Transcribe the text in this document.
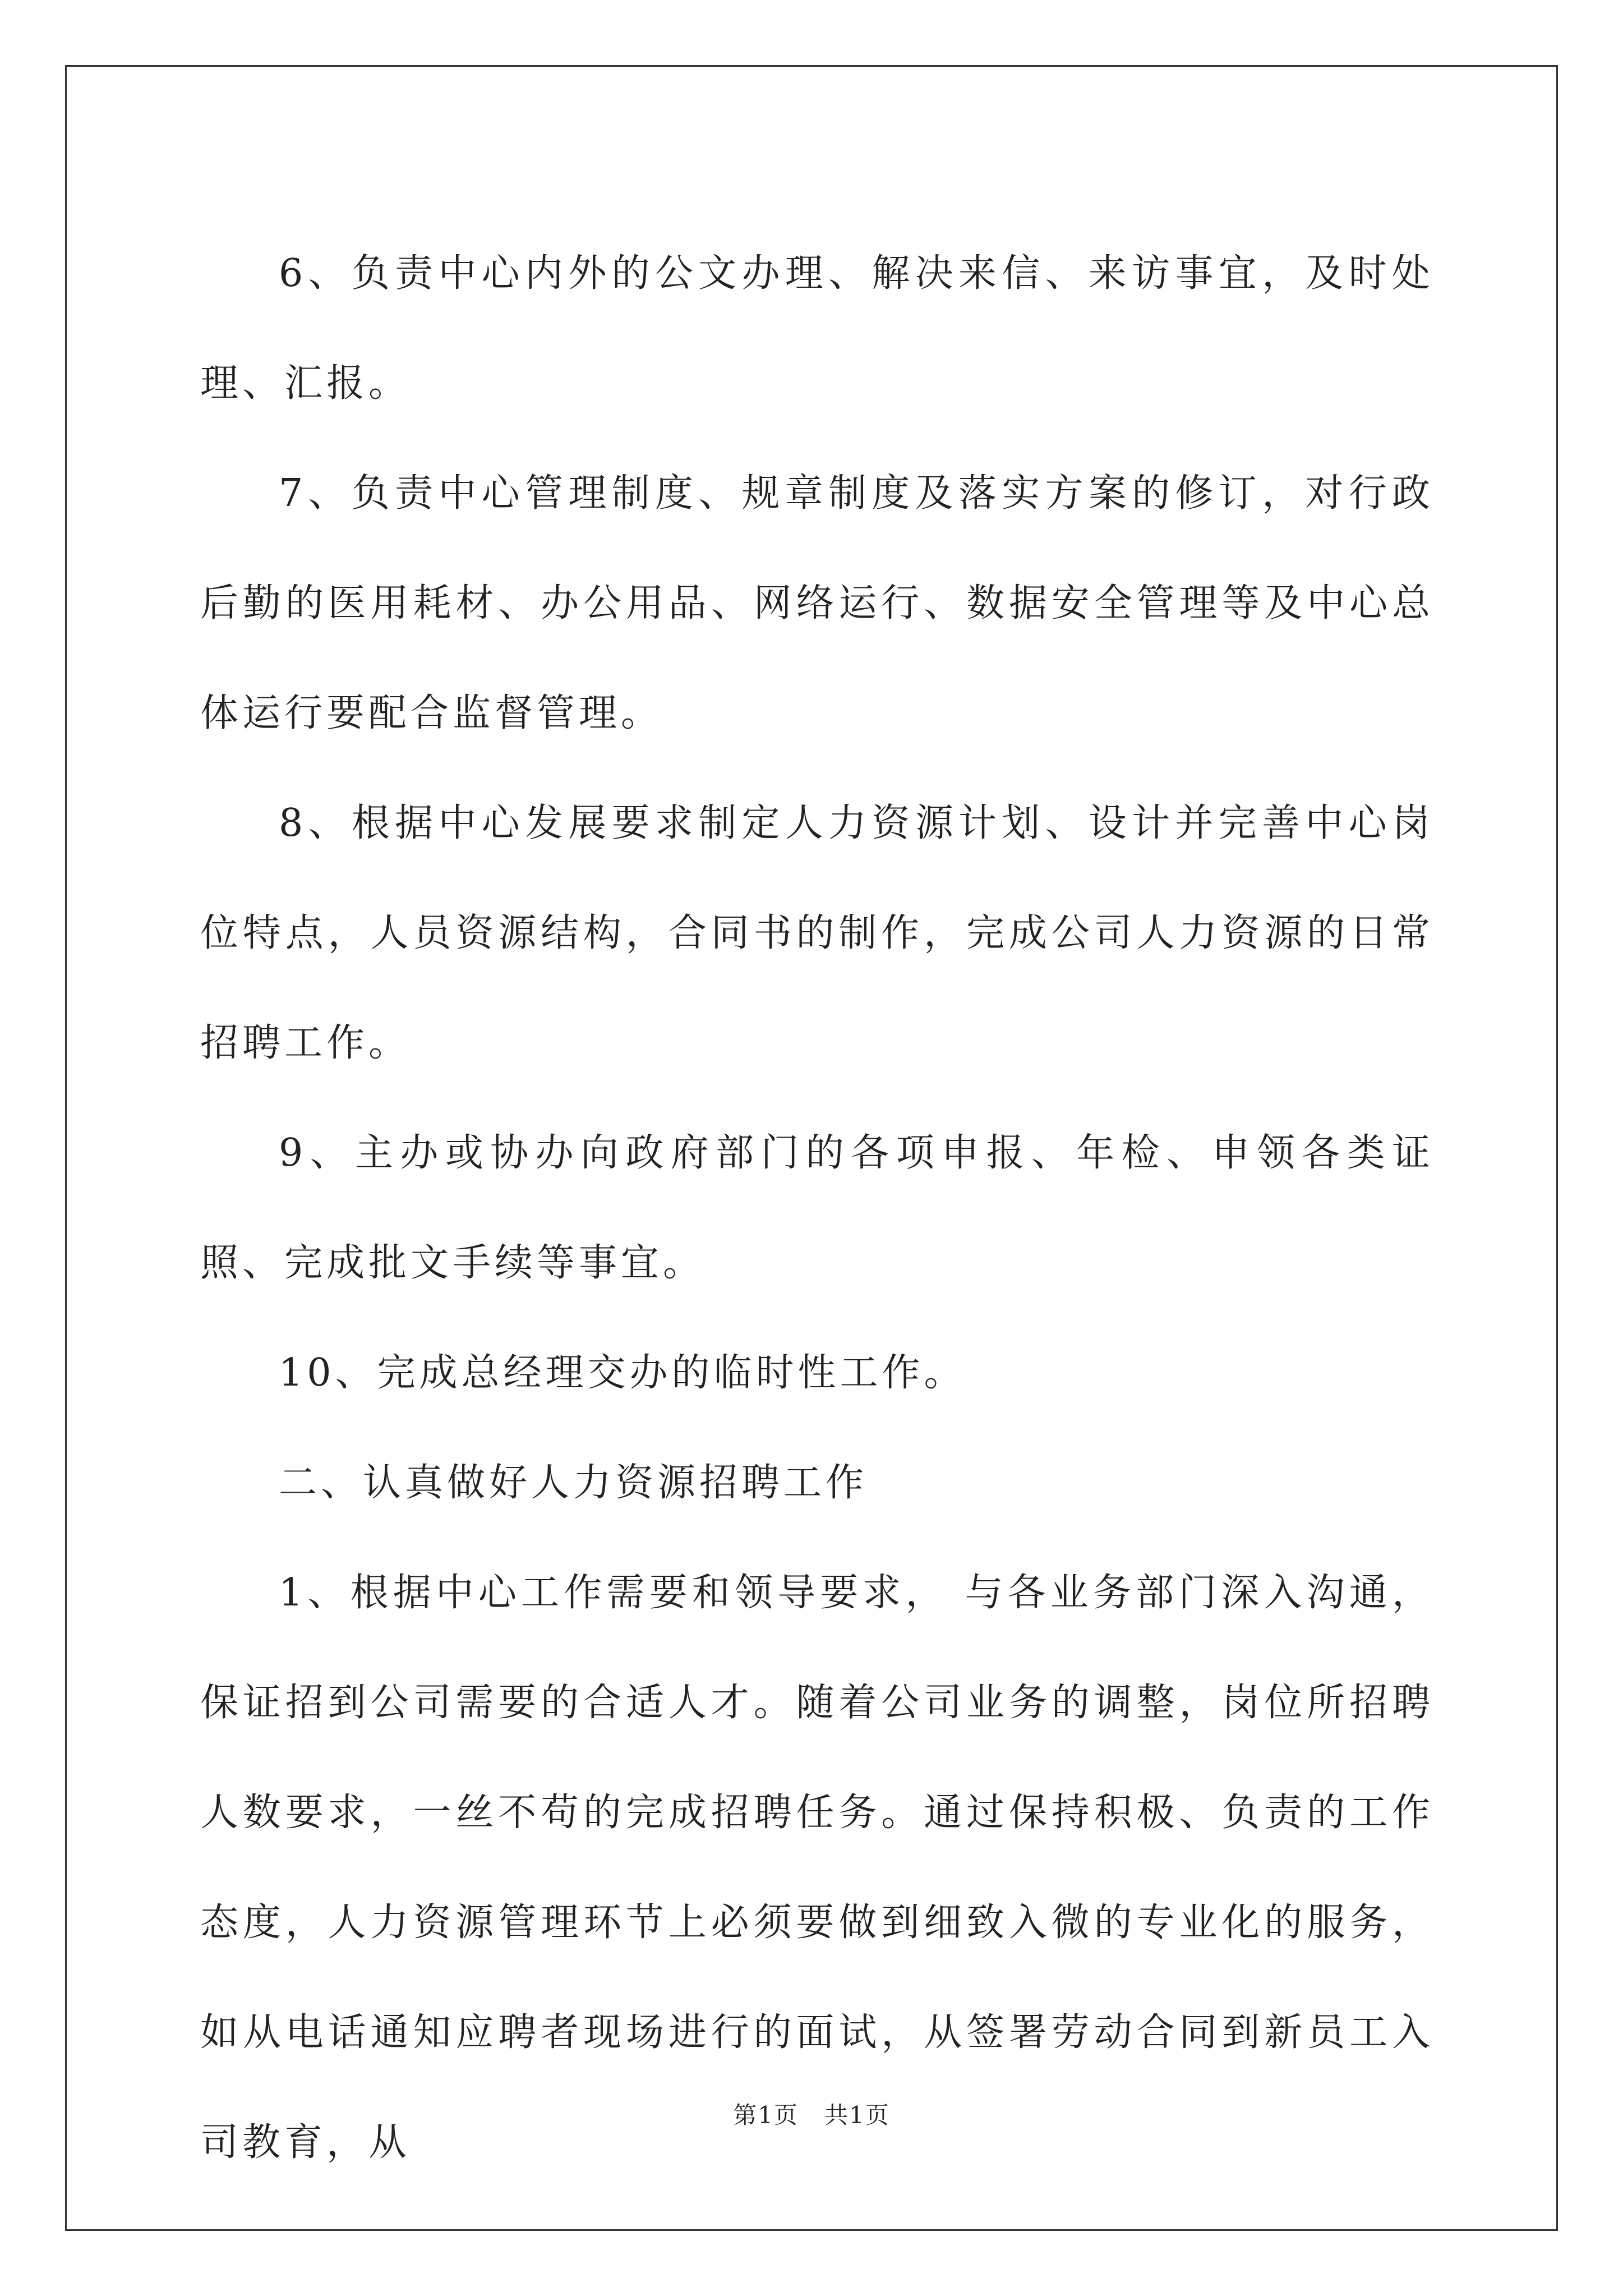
6、负责中心内外的公文办理、解决来信、来访事宜，及时处理、汇报。

7、负责中心管理制度、规章制度及落实方案的修订，对行政后勤的医用耗材、办公用品、网络运行、数据安全管理等及中心总体运行要配合监督管理。

8、根据中心发展要求制定人力资源计划、设计并完善中心岗位特点，人员资源结构，合同书的制作，完成公司人力资源的日常招聘工作。

9、主办或协办向政府部门的各项申报、年检、申领各类证照、完成批文手续等事宜。

10、完成总经理交办的临时性工作。

二、认真做好人力资源招聘工作

1、根据中心工作需要和领导要求， 与各业务部门深入沟通，保证招到公司需要的合适人才。随着公司业务的调整，岗位所招聘人数要求，一丝不苟的完成招聘任务。通过保持积极、负责的工作态度，人力资源管理环节上必须要做到细致入微的专业化的服务，如从电话通知应聘者现场进行的面试，从签署劳动合同到新员工入司教育，从

第1页   共1页
